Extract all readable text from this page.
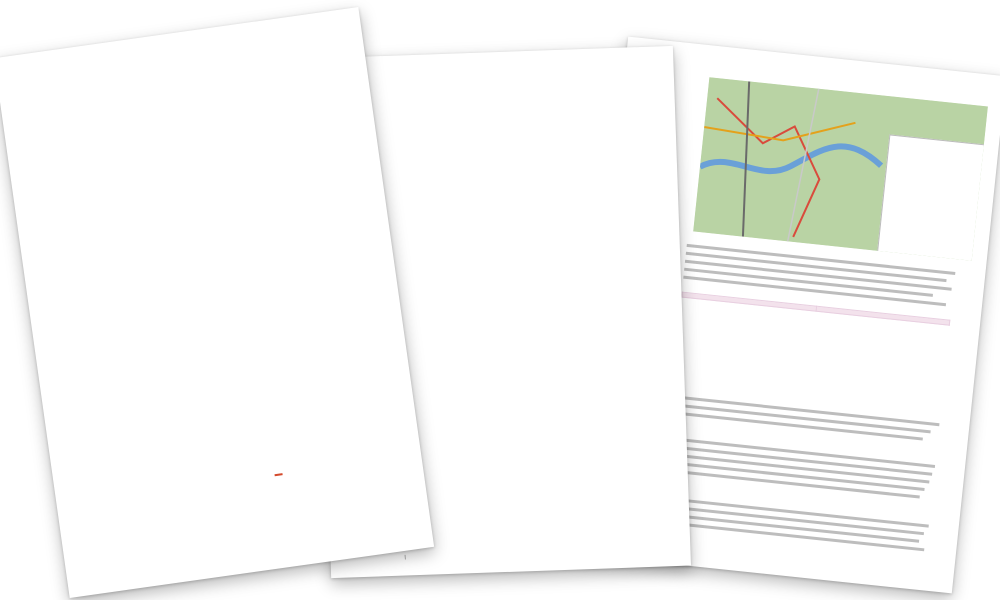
|
